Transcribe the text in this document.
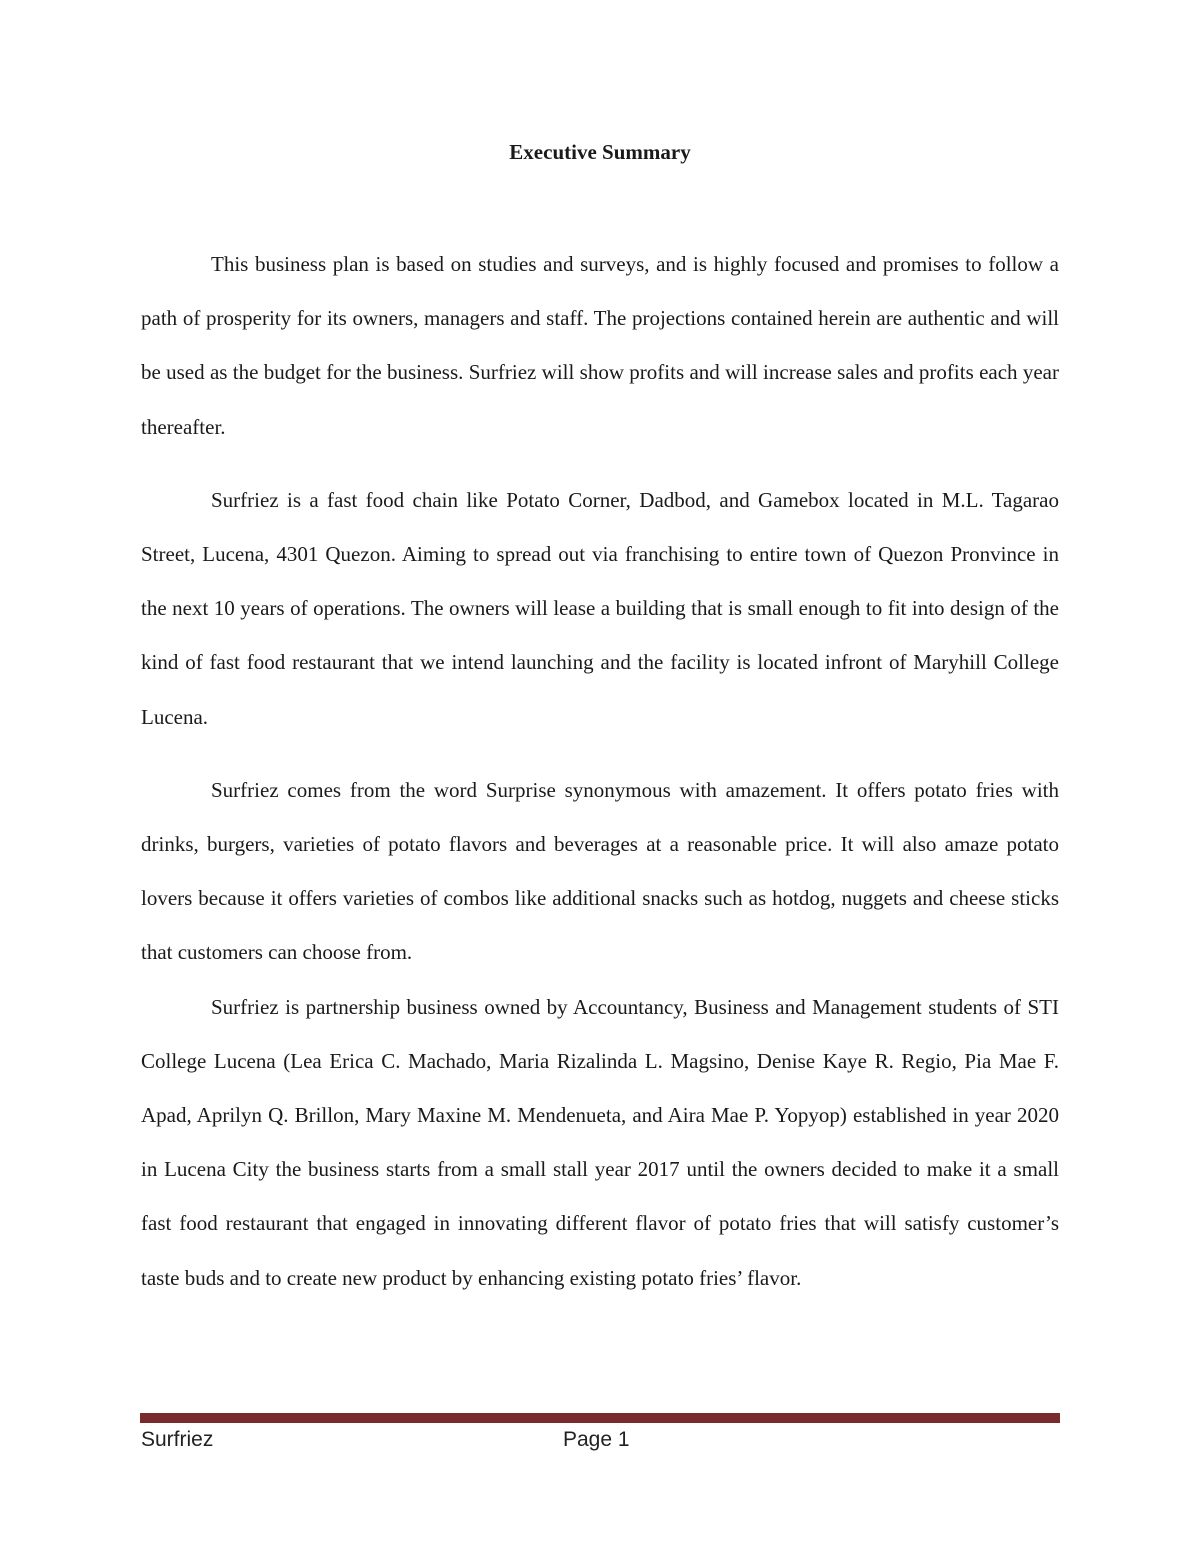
Executive Summary

This business plan is based on studies and surveys, and is highly focused and promises to follow a path of prosperity for its owners, managers and staff. The projections contained herein are authentic and will be used as the budget for the business. Surfriez will show profits and will increase sales and profits each year thereafter.

Surfriez is a fast food chain like Potato Corner, Dadbod, and Gamebox located in M.L. Tagarao Street, Lucena, 4301 Quezon. Aiming to spread out via franchising to entire town of Quezon Pronvince in the next 10 years of operations. The owners will lease a building that is small enough to fit into design of the kind of fast food restaurant that we intend launching and the facility is located infront of Maryhill College Lucena.

Surfriez comes from the word Surprise synonymous with amazement. It offers potato fries with drinks, burgers, varieties of potato flavors and beverages at a reasonable price. It will also amaze potato lovers because it offers varieties of combos like additional snacks such as hotdog, nuggets and cheese sticks that customers can choose from.

Surfriez is partnership business owned by Accountancy, Business and Management students of STI College Lucena (Lea Erica C. Machado, Maria Rizalinda L. Magsino, Denise Kaye R. Regio, Pia Mae F. Apad, Aprilyn Q. Brillon, Mary Maxine M. Mendenueta, and Aira Mae P. Yopyop) established in year 2020 in Lucena City the business starts from a small stall year 2017 until the owners decided to make it a small fast food restaurant that engaged in innovating different flavor of potato fries that will satisfy customer’s taste buds and to create new product by enhancing existing potato fries’ flavor.

Surfriez	Page 1
